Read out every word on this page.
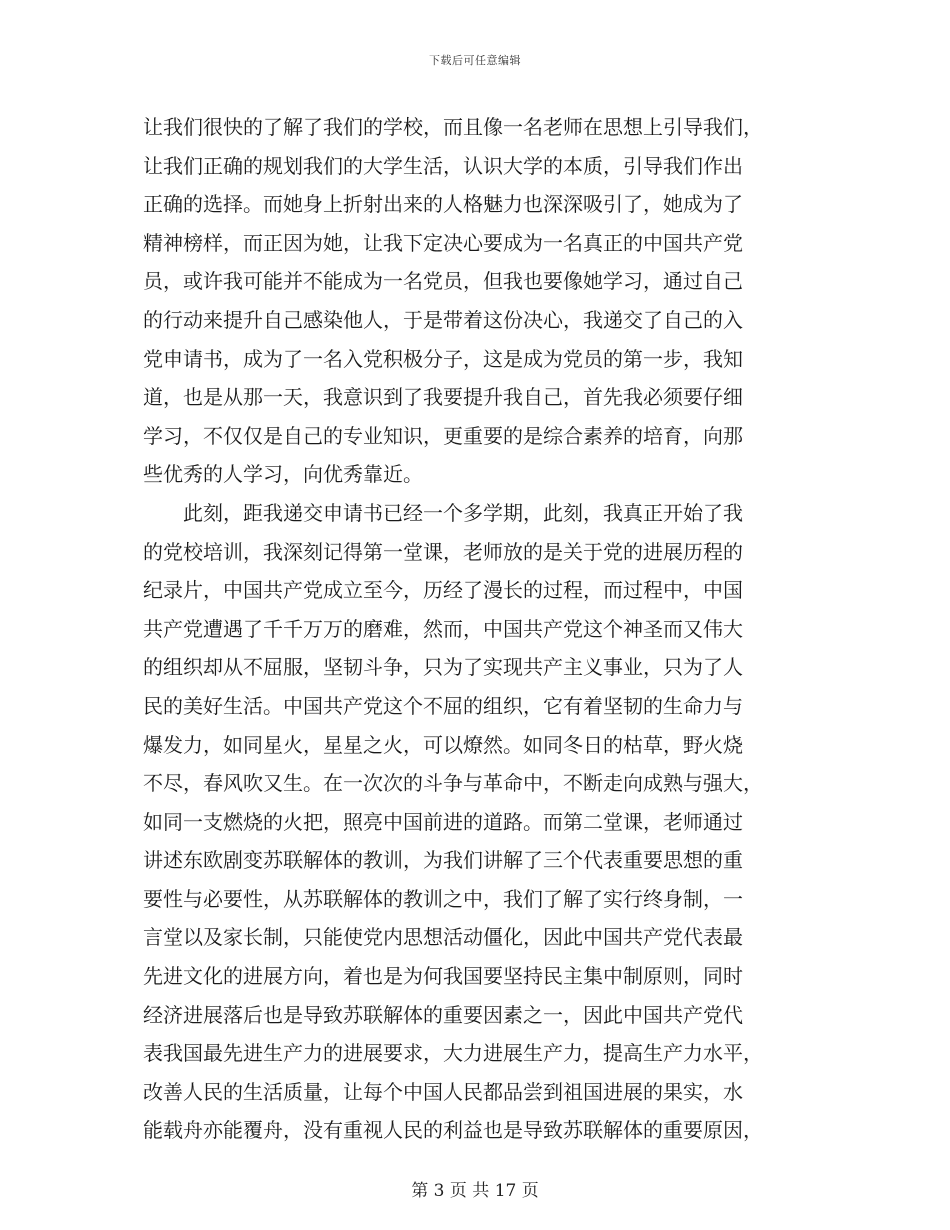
下载后可任意编辑
让我们很快的了解了我们的学校，而且像一名老师在思想上引导我们，
让我们正确的规划我们的大学生活，认识大学的本质，引导我们作出
正确的选择。而她身上折射出来的人格魅力也深深吸引了，她成为了
精神榜样，而正因为她，让我下定决心要成为一名真正的中国共产党
员，或许我可能并不能成为一名党员，但我也要像她学习，通过自己
的行动来提升自己感染他人，于是带着这份决心，我递交了自己的入
党申请书，成为了一名入党积极分子，这是成为党员的第一步，我知
道，也是从那一天，我意识到了我要提升我自己，首先我必须要仔细
学习，不仅仅是自己的专业知识，更重要的是综合素养的培育，向那
些优秀的人学习，向优秀靠近。
此刻，距我递交申请书已经一个多学期，此刻，我真正开始了我
的党校培训，我深刻记得第一堂课，老师放的是关于党的进展历程的
纪录片，中国共产党成立至今，历经了漫长的过程，而过程中，中国
共产党遭遇了千千万万的磨难，然而，中国共产党这个神圣而又伟大
的组织却从不屈服，坚韧斗争，只为了实现共产主义事业，只为了人
民的美好生活。中国共产党这个不屈的组织，它有着坚韧的生命力与
爆发力，如同星火，星星之火，可以燎然。如同冬日的枯草，野火烧
不尽，春风吹又生。在一次次的斗争与革命中，不断走向成熟与强大，
如同一支燃烧的火把，照亮中国前进的道路。而第二堂课，老师通过
讲述东欧剧变苏联解体的教训，为我们讲解了三个代表重要思想的重
要性与必要性，从苏联解体的教训之中，我们了解了实行终身制，一
言堂以及家长制，只能使党内思想活动僵化，因此中国共产党代表最
先进文化的进展方向，着也是为何我国要坚持民主集中制原则，同时
经济进展落后也是导致苏联解体的重要因素之一，因此中国共产党代
表我国最先进生产力的进展要求，大力进展生产力，提高生产力水平，
改善人民的生活质量，让每个中国人民都品尝到祖国进展的果实，水
能载舟亦能覆舟，没有重视人民的利益也是导致苏联解体的重要原因，
第 3 页 共 17 页
